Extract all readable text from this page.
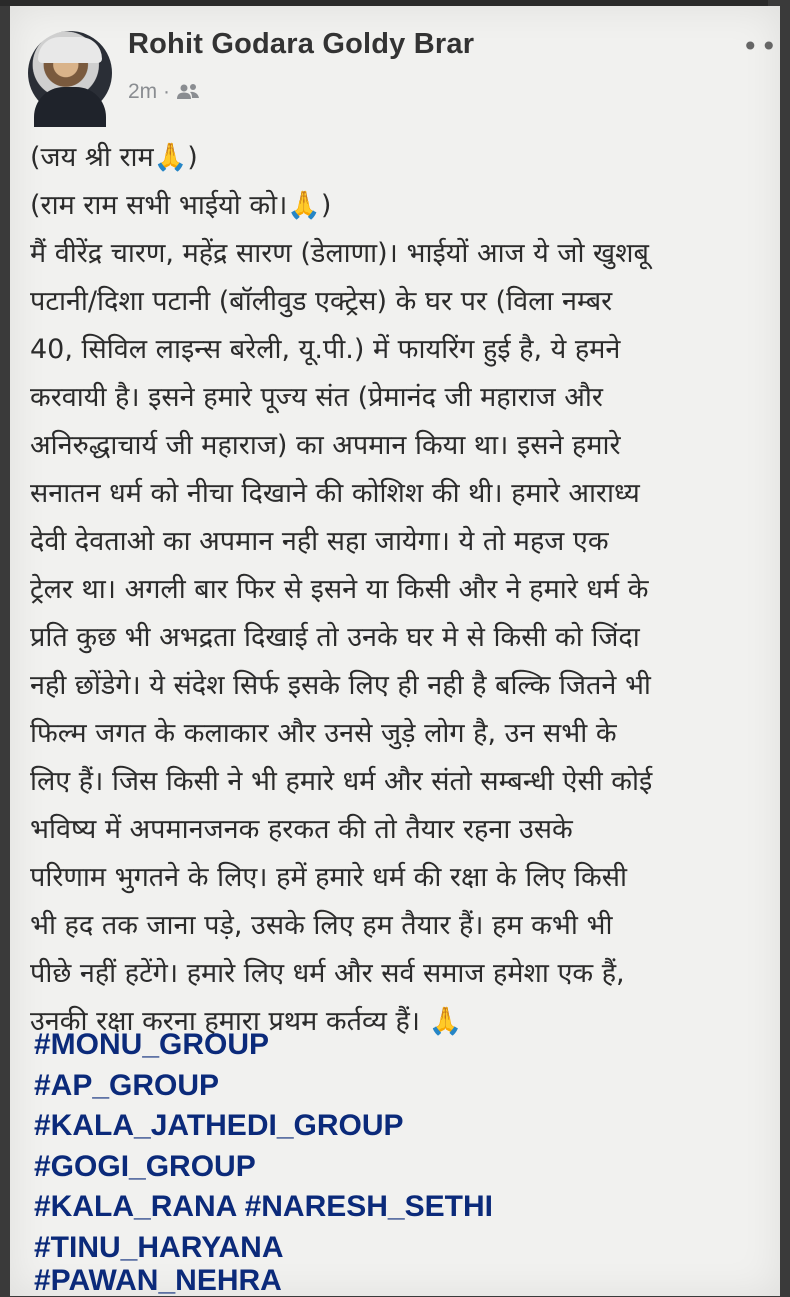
Rohit Godara Goldy Brar
2m ·
••
(जय श्री राम🙏)
(राम राम सभी भाईयो को।🙏)
मैं वीरेंद्र चारण, महेंद्र सारण (डेलाणा)। भाईयों आज ये जो खुशबू
पटानी/दिशा पटानी (बॉलीवुड एक्ट्रेस) के घर पर (विला नम्बर
40, सिविल लाइन्स बरेली, यू.पी.) में फायरिंग हुई है, ये हमने
करवायी है। इसने हमारे पूज्य संत (प्रेमानंद जी महाराज और
अनिरुद्धाचार्य जी महाराज) का अपमान किया था। इसने हमारे
सनातन धर्म को नीचा दिखाने की कोशिश की थी। हमारे आराध्य
देवी देवताओ का अपमान नही सहा जायेगा। ये तो महज एक
ट्रेलर था। अगली बार फिर से इसने या किसी और ने हमारे धर्म के
प्रति कुछ भी अभद्रता दिखाई तो उनके घर मे से किसी को जिंदा
नही छोंडेगे। ये संदेश सिर्फ इसके लिए ही नही है बल्कि जितने भी
फिल्म जगत के कलाकार और उनसे जुड़े लोग है, उन सभी के
लिए हैं। जिस किसी ने भी हमारे धर्म और संतो सम्बन्धी ऐसी कोई
भविष्य में अपमानजनक हरकत की तो तैयार रहना उसके
परिणाम भुगतने के लिए। हमें हमारे धर्म की रक्षा के लिए किसी
भी हद तक जाना पड़े, उसके लिए हम तैयार हैं। हम कभी भी
पीछे नहीं हटेंगे। हमारे लिए धर्म और सर्व समाज हमेशा एक हैं,
उनकी रक्षा करना हमारा प्रथम कर्तव्य हैं। 🙏
#MONU_GROUP
#AP_GROUP
#KALA_JATHEDI_GROUP
#GOGI_GROUP
#KALA_RANA #NARESH_SETHI
#TINU_HARYANA
#PAWAN_NEHRA
